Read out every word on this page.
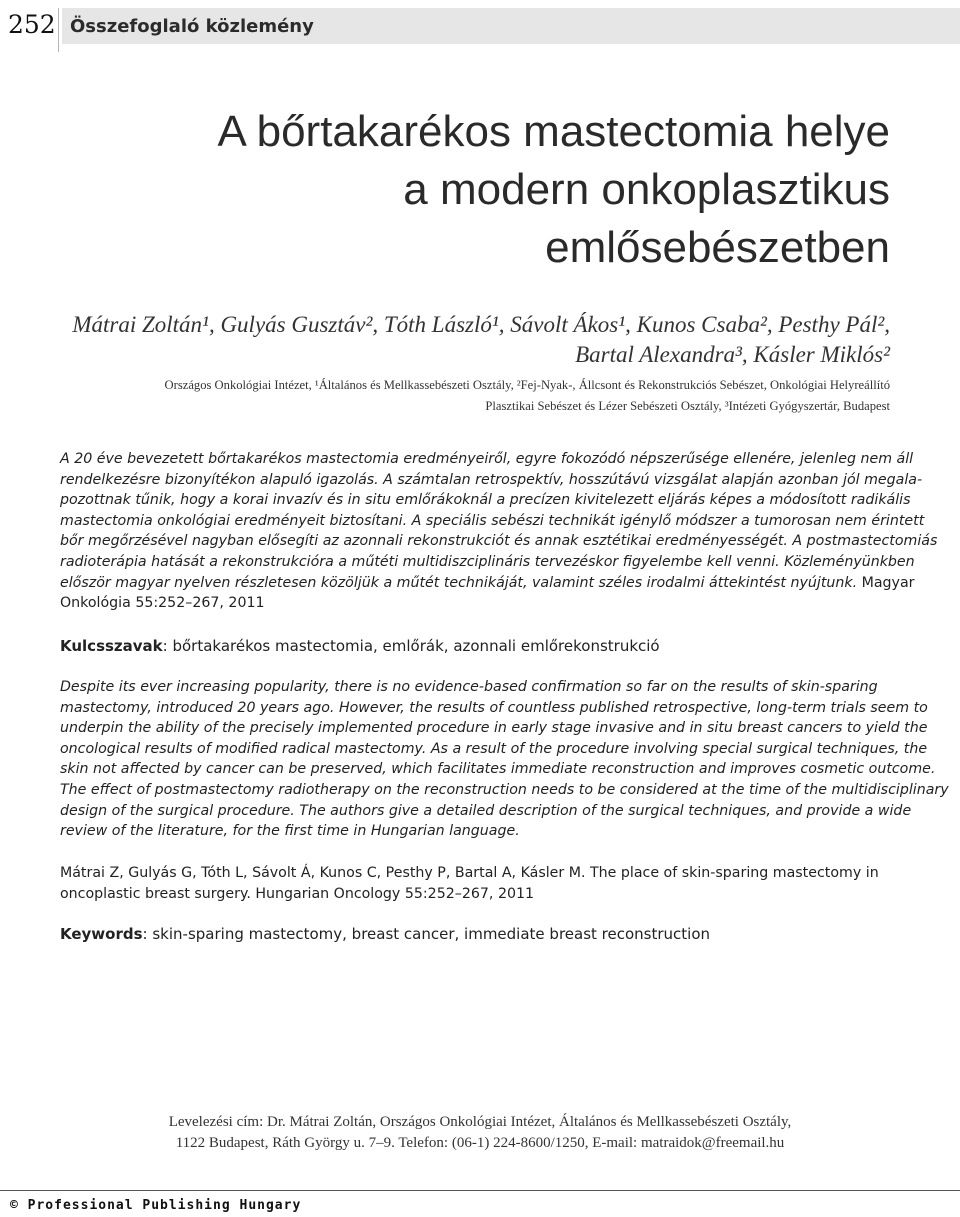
252 Összefoglaló közlemény
A bőrtakarékos mastectomia helye
a modern onkoplasztikus
emlősebészetben
Mátrai Zoltán¹, Gulyás Gusztáv², Tóth László¹, Sávolt Ákos¹, Kunos Csaba², Pesthy Pál²,
Bartal Alexandra³, Kásler Miklós²
Országos Onkológiai Intézet, ¹Általános és Mellkassebészeti Osztály, ²Fej-Nyak-, Állcsont és Rekonstrukciós Sebészet, Onkológiai Helyreállító
Plasztikai Sebészet és Lézer Sebészeti Osztály, ³Intézeti Gyógyszertár, Budapest
A 20 éve bevezetett bőrtakarékos mastectomia eredményeiről, egyre fokozódó népszerűsége ellenére, jelenleg nem áll
rendelkezésre bizonyítékon alapuló igazolás. A számtalan retrospektív, hosszútávú vizsgálat alapján azonban jól megala-
pozottnak tűnik, hogy a korai invazív és in situ emlőrákoknál a precízen kivitelezett eljárás képes a módosított radikális
mastectomia onkológiai eredményeit biztosítani. A speciális sebészi technikát igénylő módszer a tumorosan nem érintett
bőr megőrzésével nagyban elősegíti az azonnali rekonstrukciót és annak esztétikai eredményességét. A postmastectomiás
radioterápia hatását a rekonstrukcióra a műtéti multidiszciplináris tervezéskor figyelembe kell venni. Közleményünkben
először magyar nyelven részletesen közöljük a műtét technikáját, valamint széles irodalmi áttekintést nyújtunk. Magyar
Onkológia 55:252–267, 2011
Kulcsszavak: bőrtakarékos mastectomia, emlőrák, azonnali emlőrekonstrukció
Despite its ever increasing popularity, there is no evidence-based confirmation so far on the results of skin-sparing
mastectomy, introduced 20 years ago. However, the results of countless published retrospective, long-term trials seem to
underpin the ability of the precisely implemented procedure in early stage invasive and in situ breast cancers to yield the
oncological results of modified radical mastectomy. As a result of the procedure involving special surgical techniques, the
skin not affected by cancer can be preserved, which facilitates immediate reconstruction and improves cosmetic outcome.
The effect of postmastectomy radiotherapy on the reconstruction needs to be considered at the time of the multidisciplinary
design of the surgical procedure. The authors give a detailed description of the surgical techniques, and provide a wide
review of the literature, for the first time in Hungarian language.
Mátrai Z, Gulyás G, Tóth L, Sávolt Á, Kunos C, Pesthy P, Bartal A, Kásler M. The place of skin-sparing mastectomy in
oncoplastic breast surgery. Hungarian Oncology 55:252–267, 2011
Keywords: skin-sparing mastectomy, breast cancer, immediate breast reconstruction
Levelezési cím: Dr. Mátrai Zoltán, Országos Onkológiai Intézet, Általános és Mellkassebészeti Osztály,
1122 Budapest, Ráth György u. 7–9. Telefon: (06-1) 224-8600/1250, E-mail: matraidok@freemail.hu
© Professional Publishing Hungary
